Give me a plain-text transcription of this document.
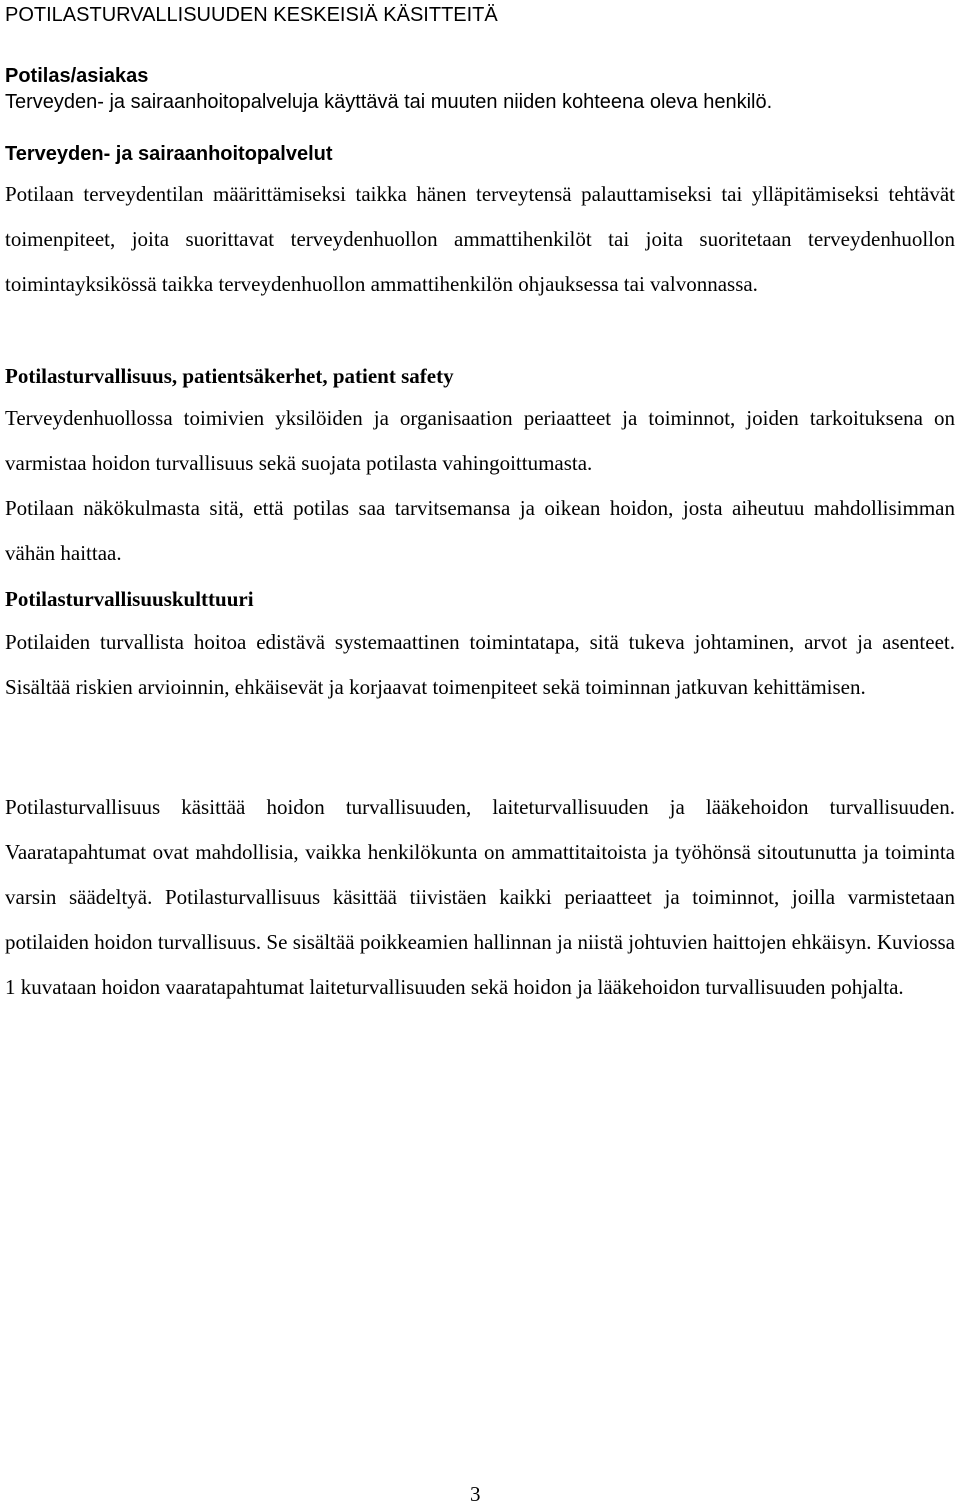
POTILASTURVALLISUUDEN KESKEISIÄ KÄSITTEITÄ
Potilas/asiakas
Terveyden- ja sairaanhoitopalveluja käyttävä tai muuten niiden kohteena oleva henkilö.
Terveyden- ja sairaanhoitopalvelut
Potilaan terveydentilan määrittämiseksi taikka hänen terveytensä palauttamiseksi tai ylläpitämiseksi tehtävät toimenpiteet, joita suorittavat terveydenhuollon ammattihenkilöt tai joita suoritetaan terveydenhuollon toimintayksikössä taikka terveydenhuollon ammattihenkilön ohjauksessa tai valvonnassa.
Potilasturvallisuus, patientsäkerhet, patient safety
Terveydenhuollossa toimivien yksilöiden ja organisaation periaatteet ja toiminnot, joiden tarkoituksena on varmistaa hoidon turvallisuus sekä suojata potilasta vahingoittumasta.
Potilaan näkökulmasta sitä, että potilas saa tarvitsemansa ja oikean hoidon, josta aiheutuu mahdollisimman vähän haittaa.
Potilasturvallisuuskulttuuri
Potilaiden turvallista hoitoa edistävä systemaattinen toimintatapa, sitä tukeva johtaminen, arvot ja asenteet. Sisältää riskien arvioinnin, ehkäisevät ja korjaavat toimenpiteet sekä toiminnan jatkuvan kehittämisen.
Potilasturvallisuus käsittää hoidon turvallisuuden, laiteturvallisuuden ja lääkehoidon turvallisuuden. Vaaratapahtumat ovat mahdollisia, vaikka henkilökunta on ammattitaitoista ja työhönsä sitoutunutta ja toiminta varsin säädeltyä. Potilasturvallisuus käsittää tiivistäen kaikki periaatteet ja toiminnot, joilla varmistetaan potilaiden hoidon turvallisuus. Se sisältää poikkeamien hallinnan ja niistä johtuvien haittojen ehkäisyn. Kuviossa 1 kuvataan hoidon vaaratapahtumat laiteturvallisuuden sekä hoidon ja lääkehoidon turvallisuuden pohjalta.
3
